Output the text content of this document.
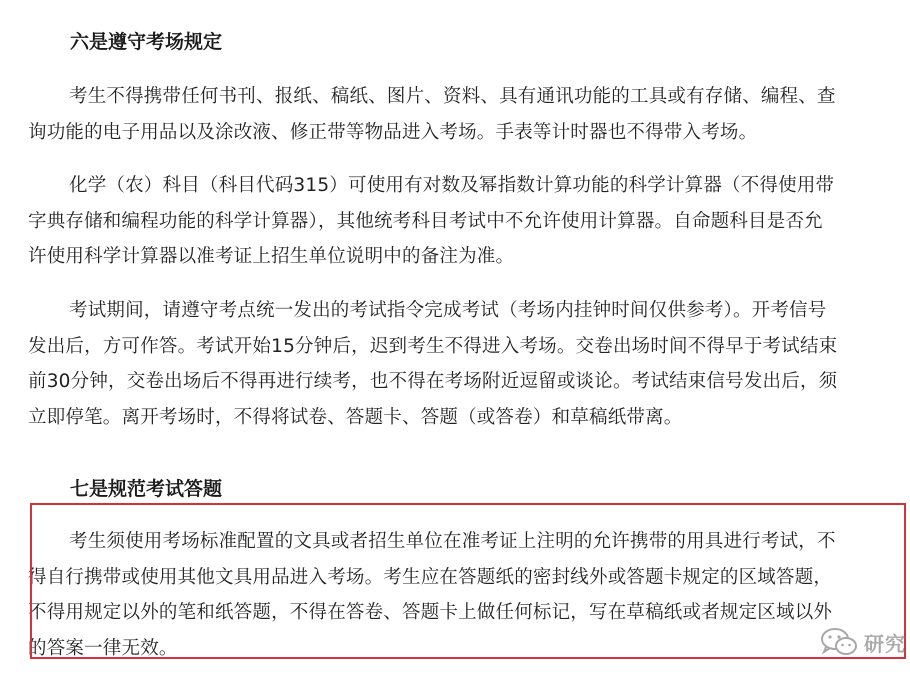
六是遵守考场规定
考生不得携带任何书刊、报纸、稿纸、图片、资料、具有通讯功能的工具或有存储、编程、查
询功能的电子用品以及涂改液、修正带等物品进入考场。手表等计时器也不得带入考场。
化学（农）科目（科目代码315）可使用有对数及幂指数计算功能的科学计算器（不得使用带
字典存储和编程功能的科学计算器），其他统考科目考试中不允许使用计算器。自命题科目是否允
许使用科学计算器以准考证上招生单位说明中的备注为准。
考试期间，请遵守考点统一发出的考试指令完成考试（考场内挂钟时间仅供参考）。开考信号
发出后，方可作答。考试开始15分钟后，迟到考生不得进入考场。交卷出场时间不得早于考试结束
前30分钟，交卷出场后不得再进行续考，也不得在考场附近逗留或谈论。考试结束信号发出后，须
立即停笔。离开考场时，不得将试卷、答题卡、答题（或答卷）和草稿纸带离。
七是规范考试答题
考生须使用考场标准配置的文具或者招生单位在准考证上注明的允许携带的用具进行考试，不
得自行携带或使用其他文具用品进入考场。考生应在答题纸的密封线外或答题卡规定的区域答题，
不得用规定以外的笔和纸答题，不得在答卷、答题卡上做任何标记，写在草稿纸或者规定区域以外
的答案一律无效。	研究
